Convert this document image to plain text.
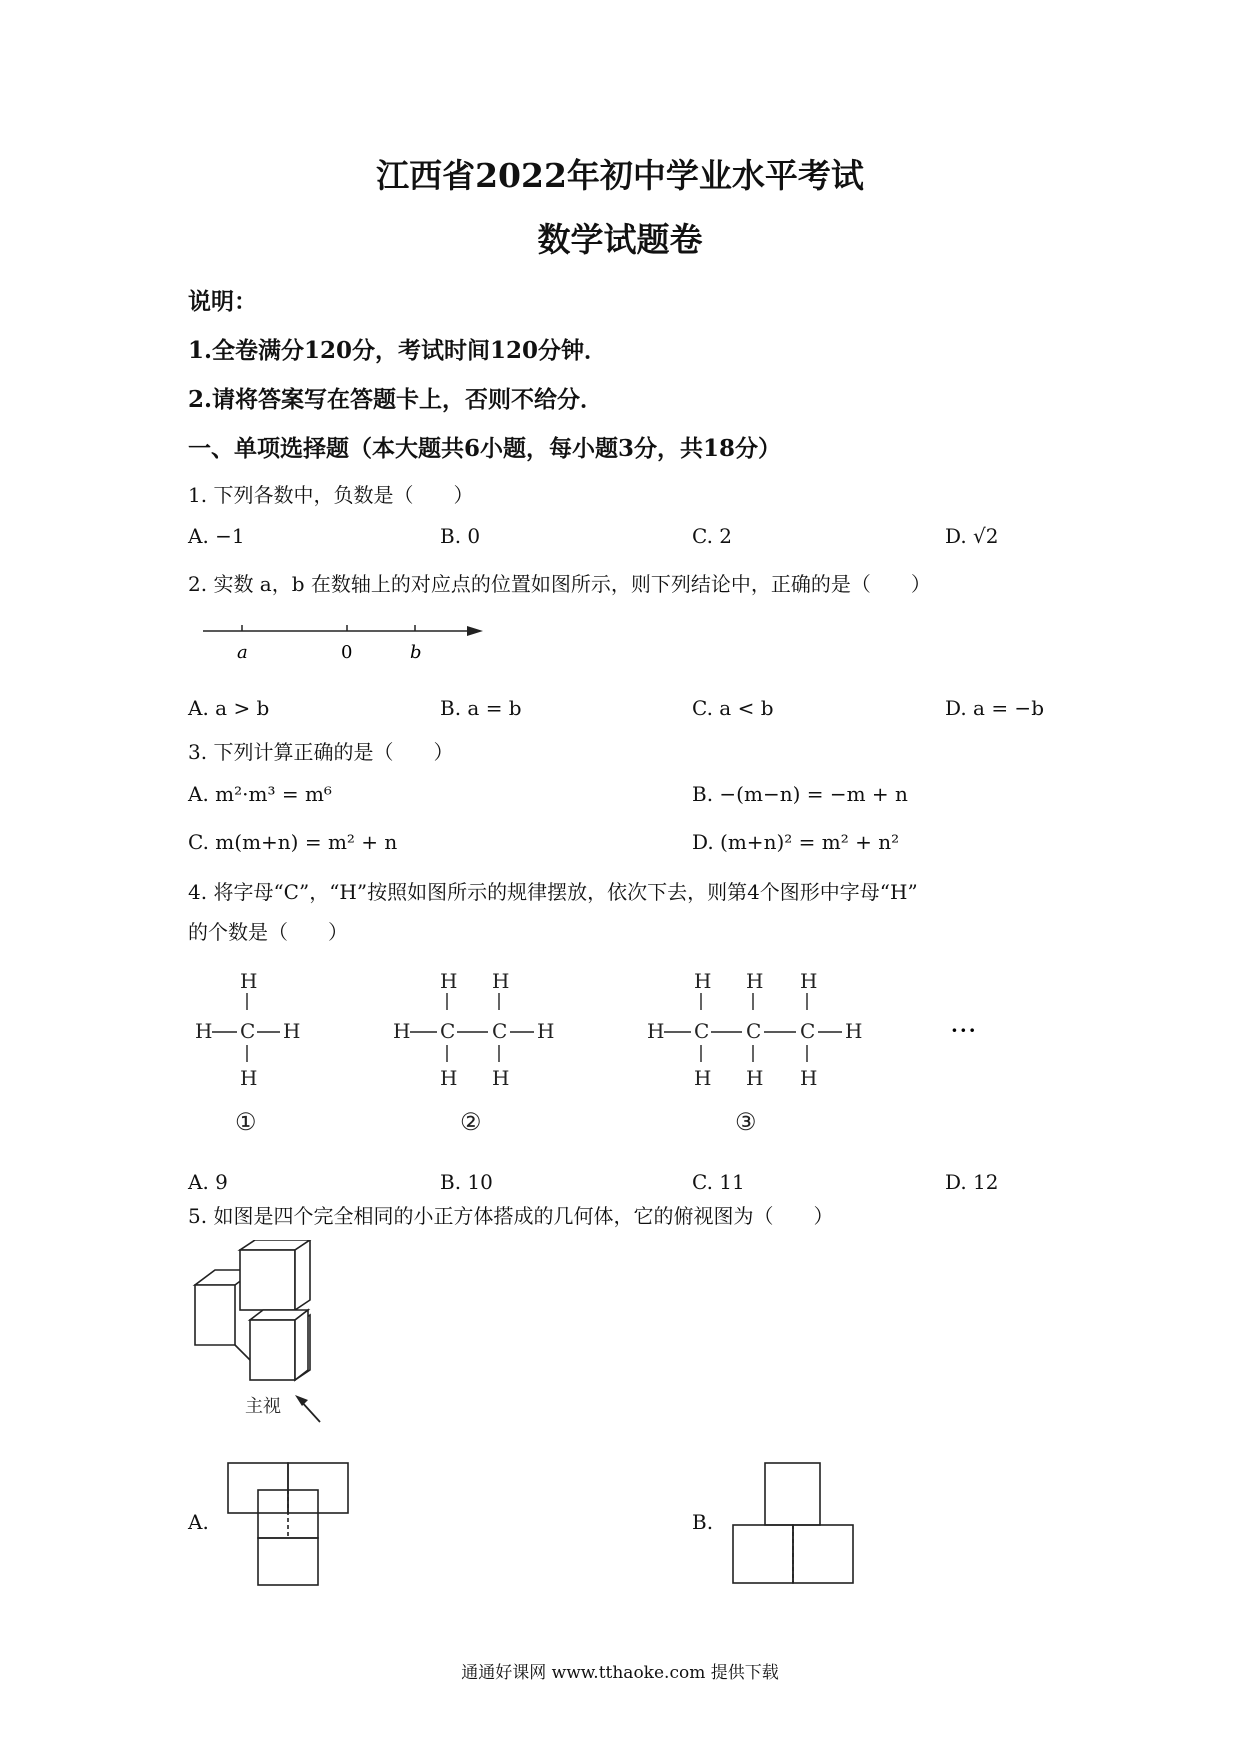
江西省2022年初中学业水平考试
数学试题卷
说明：
1.全卷满分120分，考试时间120分钟．
2.请将答案写在答题卡上，否则不给分．
一、单项选择题（本大题共6小题，每小题3分，共18分）
1. 下列各数中，负数是（　　）
A. −1	B. 0	C. 2	D. √2
2. 实数 a，b 在数轴上的对应点的位置如图所示，则下列结论中，正确的是（　　）
a	0	b
A. a > b	B. a = b	C. a < b	D. a = −b
3. 下列计算正确的是（　　）
A. m²·m³ = m⁶	B. −(m−n) = −m + n
C. m(m+n) = m² + n	D. (m+n)² = m² + n²
4. 将字母“C”，“H”按照如图所示的规律摆放，依次下去，则第4个图形中字母“H”
的个数是（　　）
H
H C H
H
①
H H
H C C H
H H
②
H H H
H C C C H
H H H
③
···
A. 9	B. 10	C. 11	D. 12
5. 如图是四个完全相同的小正方体搭成的几何体，它的俯视图为（　　）
主视
A.	B.
通通好课网 www.tthaoke.com 提供下载
